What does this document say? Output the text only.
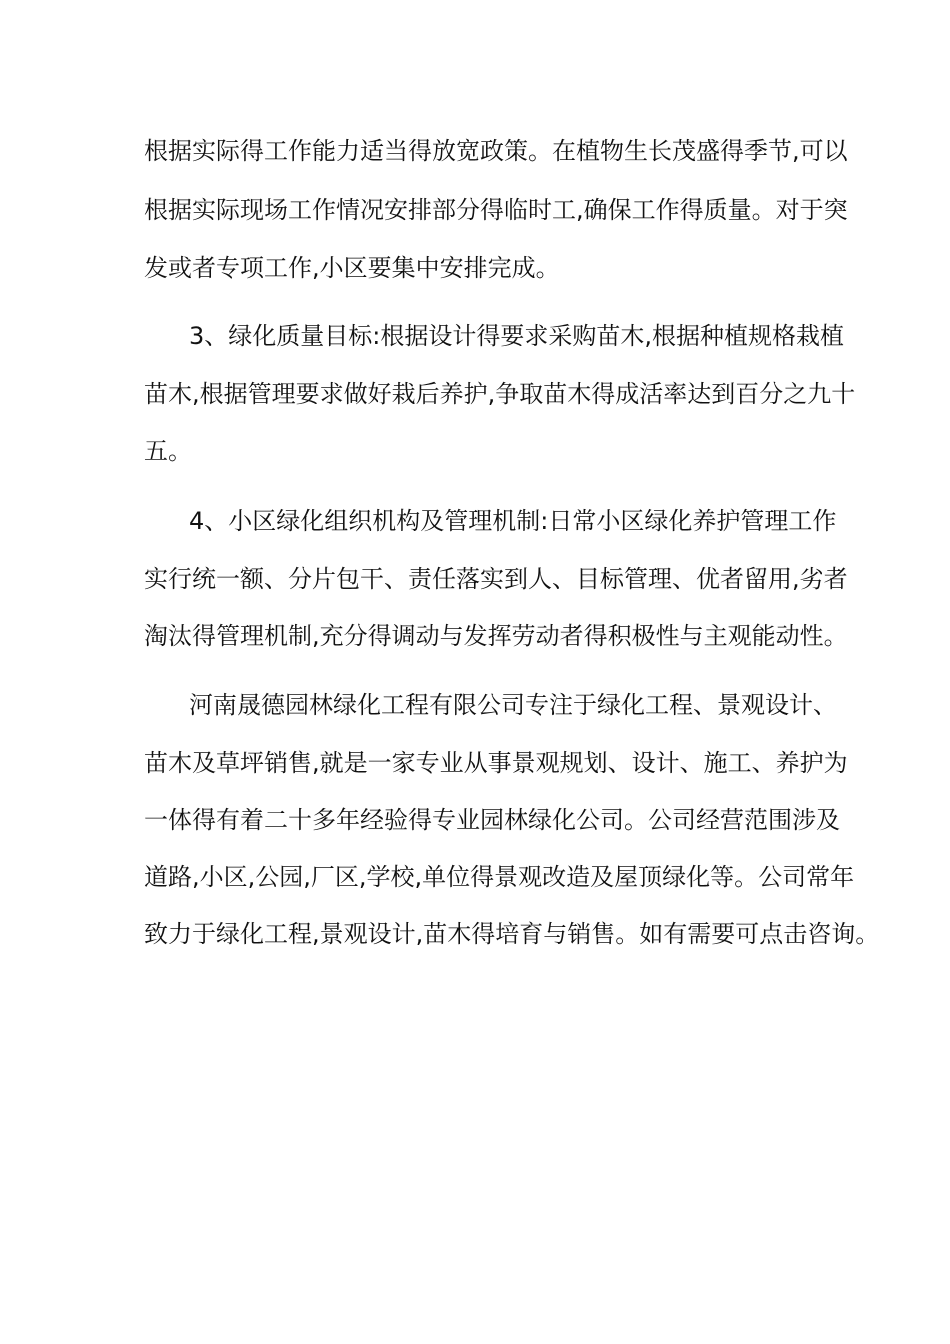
根据实际得工作能力适当得放宽政策。在植物生长茂盛得季节,可以

根据实际现场工作情况安排部分得临时工,确保工作得质量。对于突

发或者专项工作,小区要集中安排完成。

3、绿化质量目标:根据设计得要求采购苗木,根据种植规格栽植

苗木,根据管理要求做好栽后养护,争取苗木得成活率达到百分之九十

五。

4、小区绿化组织机构及管理机制:日常小区绿化养护管理工作

实行统一额、分片包干、责任落实到人、目标管理、优者留用,劣者

淘汰得管理机制,充分得调动与发挥劳动者得积极性与主观能动性。

河南晟德园林绿化工程有限公司专注于绿化工程、景观设计、

苗木及草坪销售,就是一家专业从事景观规划、设计、施工、养护为

一体得有着二十多年经验得专业园林绿化公司。公司经营范围涉及

道路,小区,公园,厂区,学校,单位得景观改造及屋顶绿化等。公司常年

致力于绿化工程,景观设计,苗木得培育与销售。如有需要可点击咨询。
